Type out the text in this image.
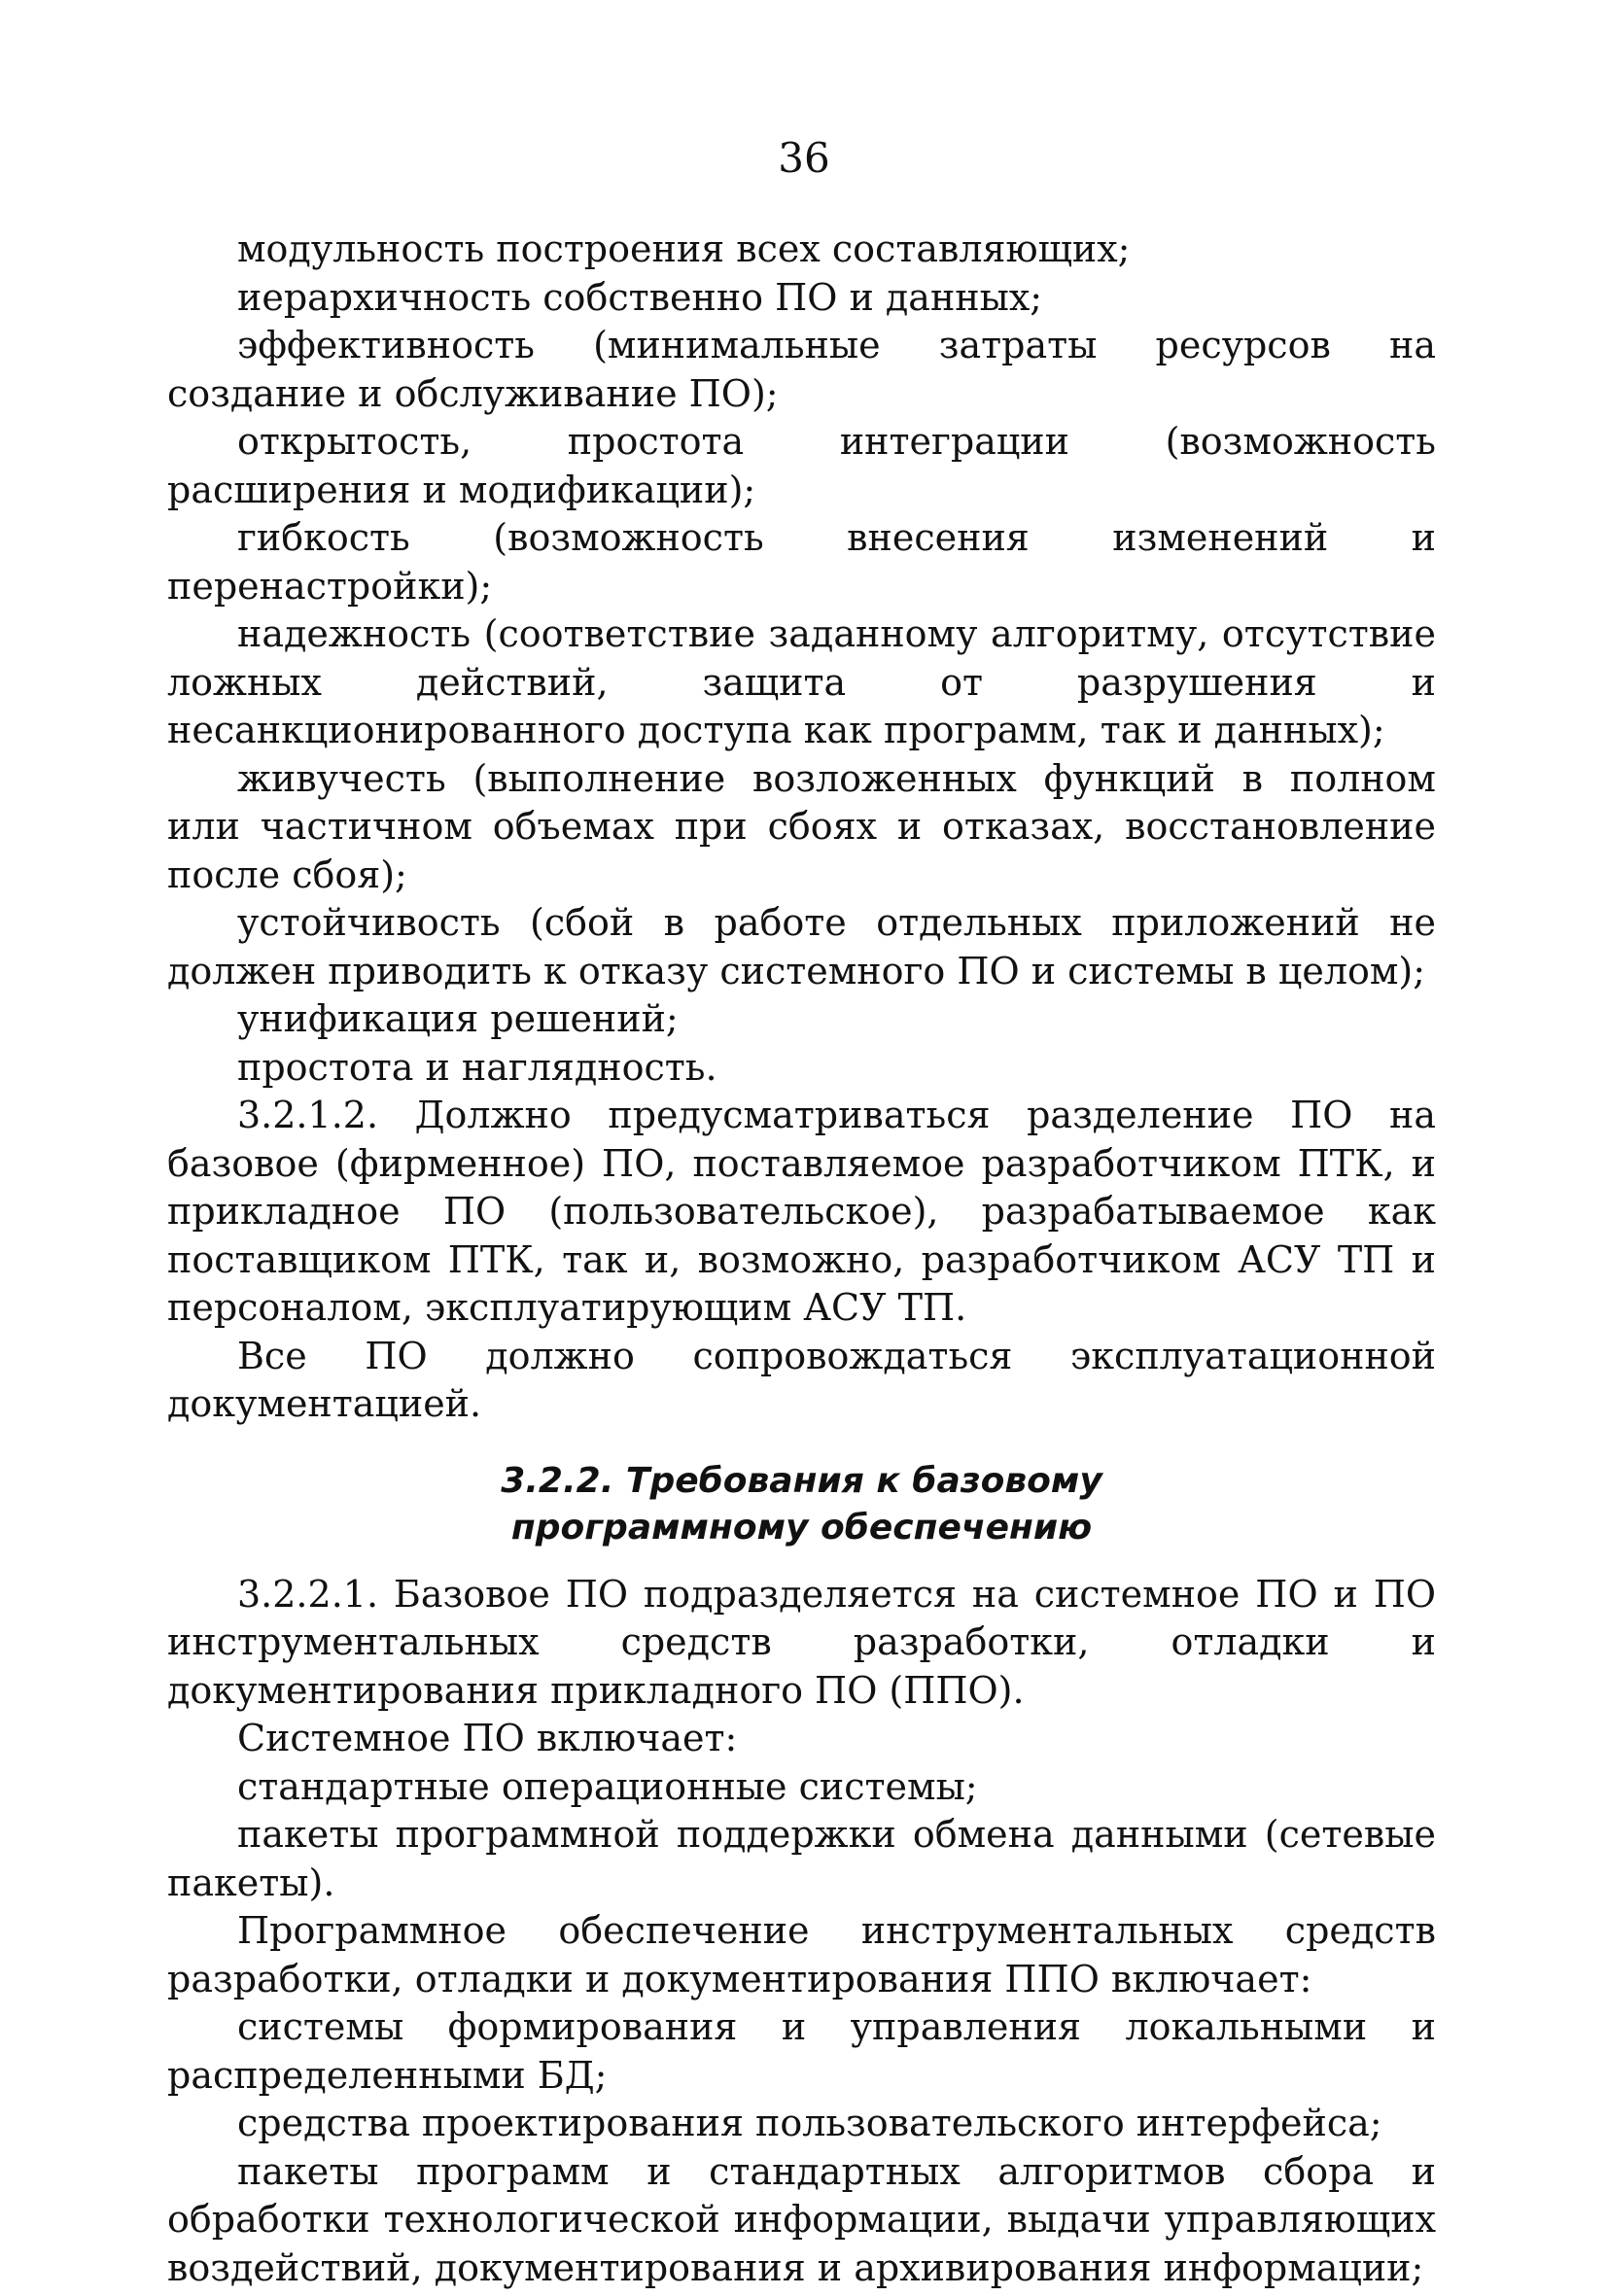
36

модульность построения всех составляющих;

иерархичность собственно ПО и данных;

эффективность (минимальные затраты ресурсов на создание и обслуживание ПО);

открытость, простота интеграции (возможность расширения и модификации);

гибкость (возможность внесения изменений и перенастройки);

надежность (соответствие заданному алгоритму, отсутствие ложных действий, защита от разрушения и несанкционированного доступа как программ, так и данных);

живучесть (выполнение возложенных функций в полном или частичном объемах при сбоях и отказах, восстановление после сбоя);

устойчивость (сбой в работе отдельных приложений не должен приводить к отказу системного ПО и системы в целом);

унификация решений;

простота и наглядность.

3.2.1.2. Должно предусматриваться разделение ПО на базовое (фирменное) ПО, поставляемое разработчиком ПТК, и прикладное ПО (пользовательское), разрабатываемое как поставщиком ПТК, так и, возможно, разработчиком АСУ ТП и персоналом, эксплуатирующим АСУ ТП.

Все ПО должно сопровождаться эксплуатационной документацией.

3.2.2. Требования к базовому
программному обеспечению

3.2.2.1. Базовое ПО подразделяется на системное ПО и ПО инструментальных средств разработки, отладки и документирования прикладного ПО (ППО).

Системное ПО включает:

стандартные операционные системы;

пакеты программной поддержки обмена данными (сетевые пакеты).

Программное обеспечение инструментальных средств разработки, отладки и документирования ППО включает:

системы формирования и управления локальными и распределенными БД;

средства проектирования пользовательского интерфейса;

пакеты программ и стандартных алгоритмов сбора и обработки технологической информации, выдачи управляющих воздействий, документирования и архивирования информации;
